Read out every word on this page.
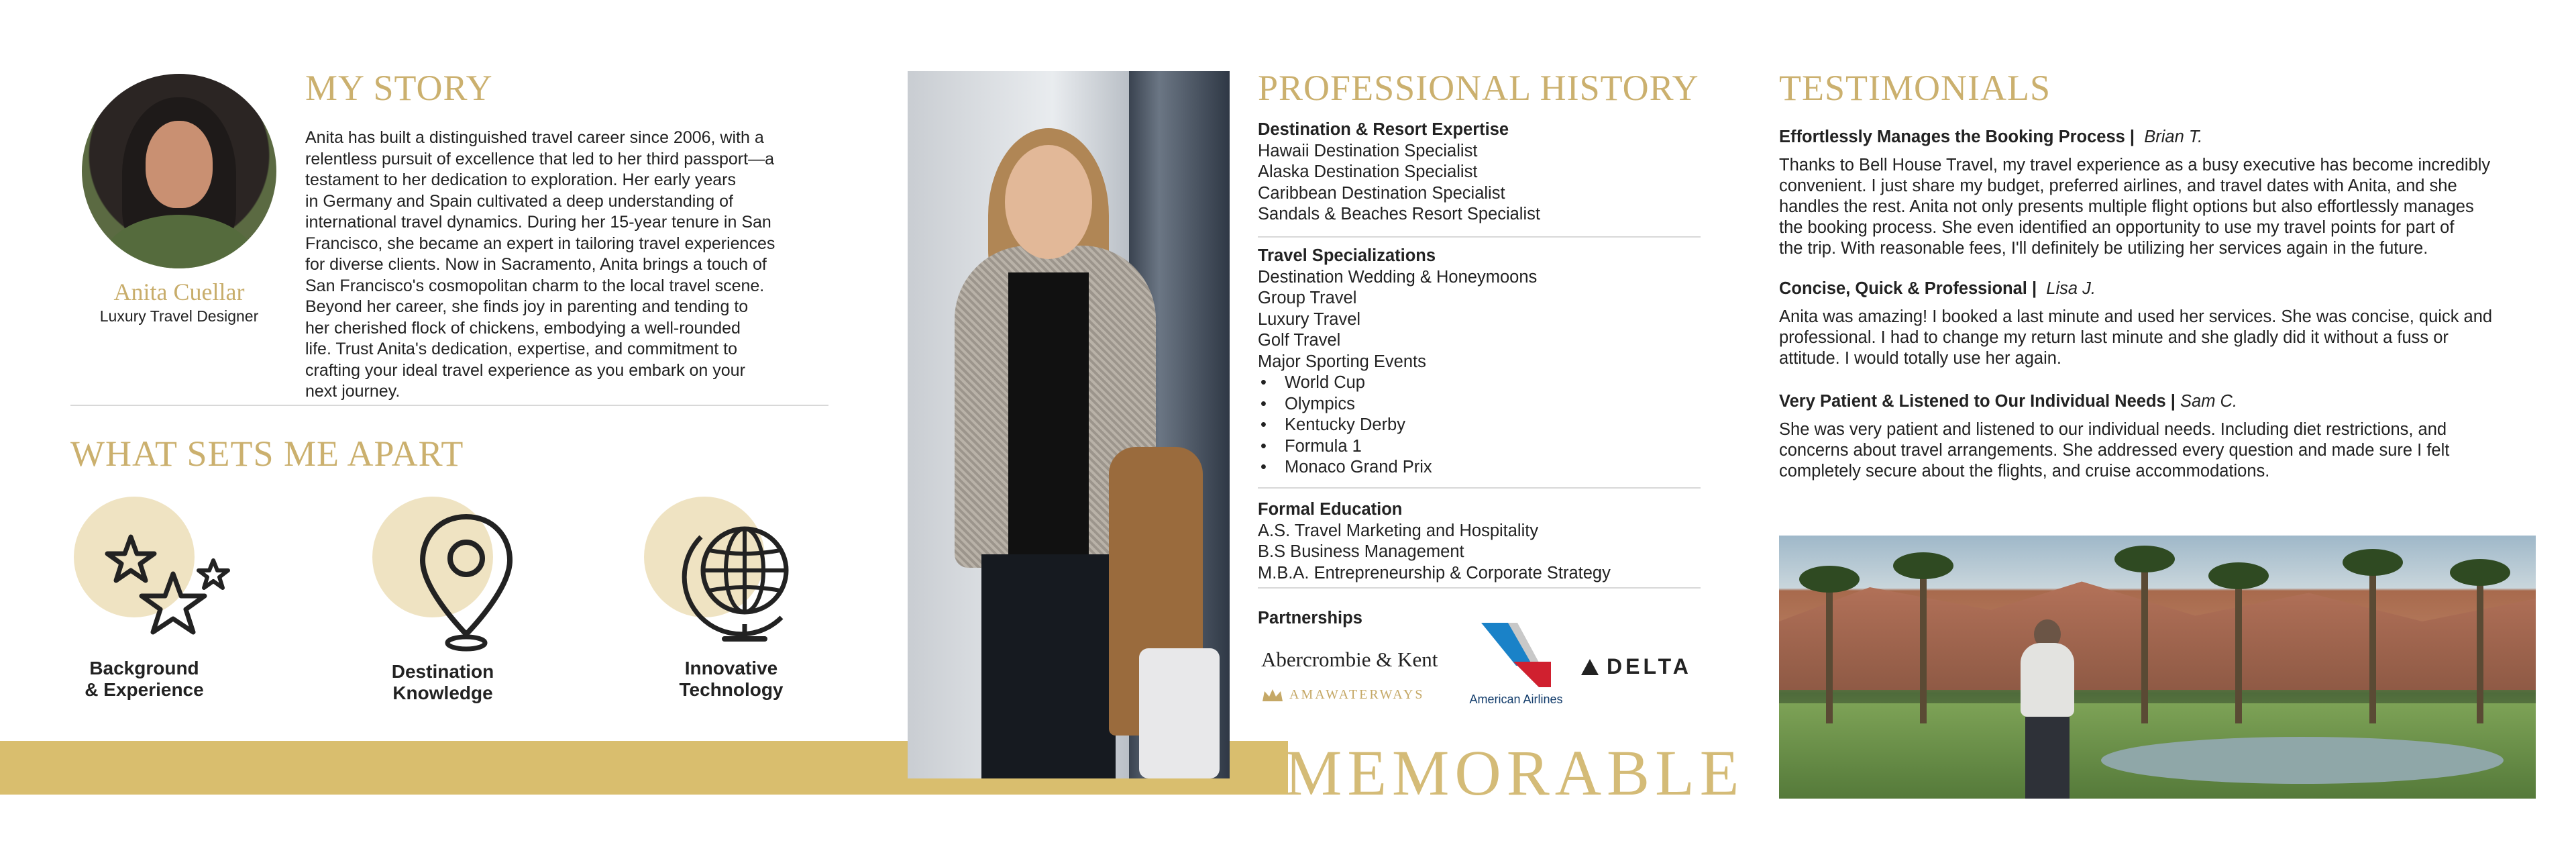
Anita Cuellar
Luxury Travel Designer
MY STORY
Anita has built a distinguished travel career since 2006, with a
relentless pursuit of excellence that led to her third passport—a
testament to her dedication to exploration. Her early years
in Germany and Spain cultivated a deep understanding of
international travel dynamics. During her 15-year tenure in San
Francisco, she became an expert in tailoring travel experiences
for diverse clients. Now in Sacramento, Anita brings a touch of
San Francisco's cosmopolitan charm to the local travel scene.
Beyond her career, she finds joy in parenting and tending to
her cherished flock of chickens, embodying a well-rounded
life. Trust Anita's dedication, expertise, and commitment to
crafting your ideal travel experience as you embark on your
next journey.
WHAT SETS ME APART
Background
& Experience
Destination
Knowledge
Innovative
Technology
PROFESSIONAL HISTORY
Destination & Resort Expertise
Hawaii Destination Specialist
Alaska Destination Specialist
Caribbean Destination Specialist
Sandals & Beaches Resort Specialist
Travel Specializations
Destination Wedding & Honeymoons
Group Travel
Luxury Travel
Golf Travel
Major Sporting Events
• World Cup
• Olympics
• Kentucky Derby
• Formula 1
• Monaco Grand Prix
Formal Education
A.S. Travel Marketing and Hospitality
B.S Business Management
M.B.A. Entrepreneurship & Corporate Strategy
Partnerships
Abercrombie & Kent
American Airlines
DELTA
AMAWATERWAYS
MEMORABLE
TESTIMONIALS
Effortlessly Manages the Booking Process |  Brian T.
Thanks to Bell House Travel, my travel experience as a busy executive has become incredibly
convenient. I just share my budget, preferred airlines, and travel dates with Anita, and she
handles the rest. Anita not only presents multiple flight options but also effortlessly manages
the booking process. She even identified an opportunity to use my travel points for part of
the trip. With reasonable fees, I'll definitely be utilizing her services again in the future.
Concise, Quick & Professional |  Lisa J.
Anita was amazing! I booked a last minute and used her services. She was concise, quick and
professional. I had to change my return last minute and she gladly did it without a fuss or
attitude. I would totally use her again.
Very Patient & Listened to Our Individual Needs | Sam C.
She was very patient and listened to our individual needs. Including diet restrictions, and
concerns about travel arrangements. She addressed every question and made sure I felt
completely secure about the flights, and cruise accommodations.
